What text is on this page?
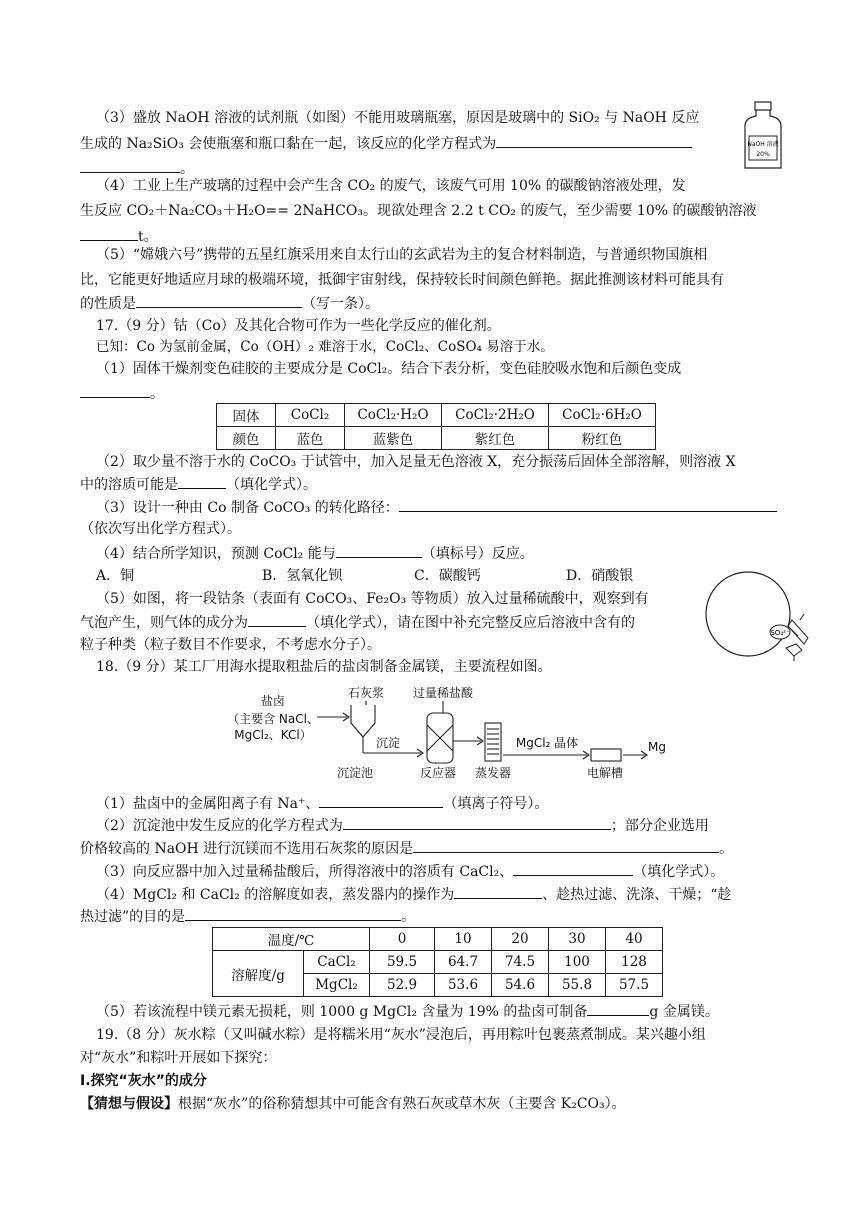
（3）盛放 NaOH 溶液的试剂瓶（如图）不能用玻璃瓶塞，原因是玻璃中的 SiO₂ 与 NaOH 反应
生成的 Na₂SiO₃ 会使瓶塞和瓶口黏在一起，该反应的化学方程式为
。
NaOH 溶液
20%
（4）工业上生产玻璃的过程中会产生含 CO₂ 的废气，该废气可用 10% 的碳酸钠溶液处理，发
生反应 CO₂＋Na₂CO₃＋H₂O== 2NaHCO₃。现欲处理含 2.2 t CO₂ 的废气，至少需要 10% 的碳酸钠溶液
t。
（5）“嫦娥六号”携带的五星红旗采用来自太行山的玄武岩为主的复合材料制造，与普通织物国旗相
比，它能更好地适应月球的极端环境，抵御宇宙射线，保持较长时间颜色鲜艳。据此推测该材料可能具有
的性质是	（写一条）。
17.（9 分）钴（Co）及其化合物可作为一些化学反应的催化剂。
已知：Co 为氢前金属，Co（OH）₂ 难溶于水，CoCl₂、CoSO₄ 易溶于水。
（1）固体干燥剂变色硅胶的主要成分是 CoCl₂。结合下表分析，变色硅胶吸水饱和后颜色变成
。
固体	CoCl₂	CoCl₂·H₂O	CoCl₂·2H₂O	CoCl₂·6H₂O
颜色	蓝色	蓝紫色	紫红色	粉红色
（2）取少量不溶于水的 CoCO₃ 于试管中，加入足量无色溶液 X，充分振荡后固体全部溶解，则溶液 X
中的溶质可能是	（填化学式）。
（3）设计一种由 Co 制备 CoCO₃ 的转化路径：
（依次写出化学方程式）。
（4）结合所学知识，预测 CoCl₂ 能与	（填标号）反应。
A．铜	B．氢氧化钡	C．碳酸钙	D．硝酸银
（5）如图，将一段钴条（表面有 CoCO₃、Fe₂O₃ 等物质）放入过量稀硫酸中，观察到有
气泡产生，则气体的成分为	（填化学式），请在图中补充完整反应后溶液中含有的
粒子种类（粒子数目不作要求，不考虑水分子）。
SO₄²⁻
18.（9 分）某工厂用海水提取粗盐后的盐卤制备金属镁，主要流程如图。
盐卤
（主要含 NaCl、
MgCl₂、KCl）
石灰浆 过量稀盐酸
沉淀
沉淀池	反应器 蒸发器
MgCl₂ 晶体
电解槽
Mg
（1）盐卤中的金属阳离子有 Na⁺、	（填离子符号）。
（2）沉淀池中发生反应的化学方程式为	；部分企业选用
价格较高的 NaOH 进行沉镁而不选用石灰浆的原因是	。
（3）向反应器中加入过量稀盐酸后，所得溶液中的溶质有 CaCl₂、	（填化学式）。
（4）MgCl₂ 和 CaCl₂ 的溶解度如表，蒸发器内的操作为	、趁热过滤、洗涤、干燥；“趁
热过滤”的目的是	。
温度/℃		0	10	20	30	40
溶解度/g	CaCl₂	59.5	64.7	74.5	100	128
	MgCl₂	52.9	53.6	54.6	55.8	57.5
（5）若该流程中镁元素无损耗，则 1000 g MgCl₂ 含量为 19% 的盐卤可制备	g 金属镁。
19.（8 分）灰水粽（又叫碱水粽）是将糯米用“灰水”浸泡后，再用粽叶包裹蒸煮制成。某兴趣小组
对“灰水”和粽叶开展如下探究：
Ⅰ.探究“灰水”的成分
【猜想与假设】根据“灰水”的俗称猜想其中可能含有熟石灰或草木灰（主要含 K₂CO₃）。
